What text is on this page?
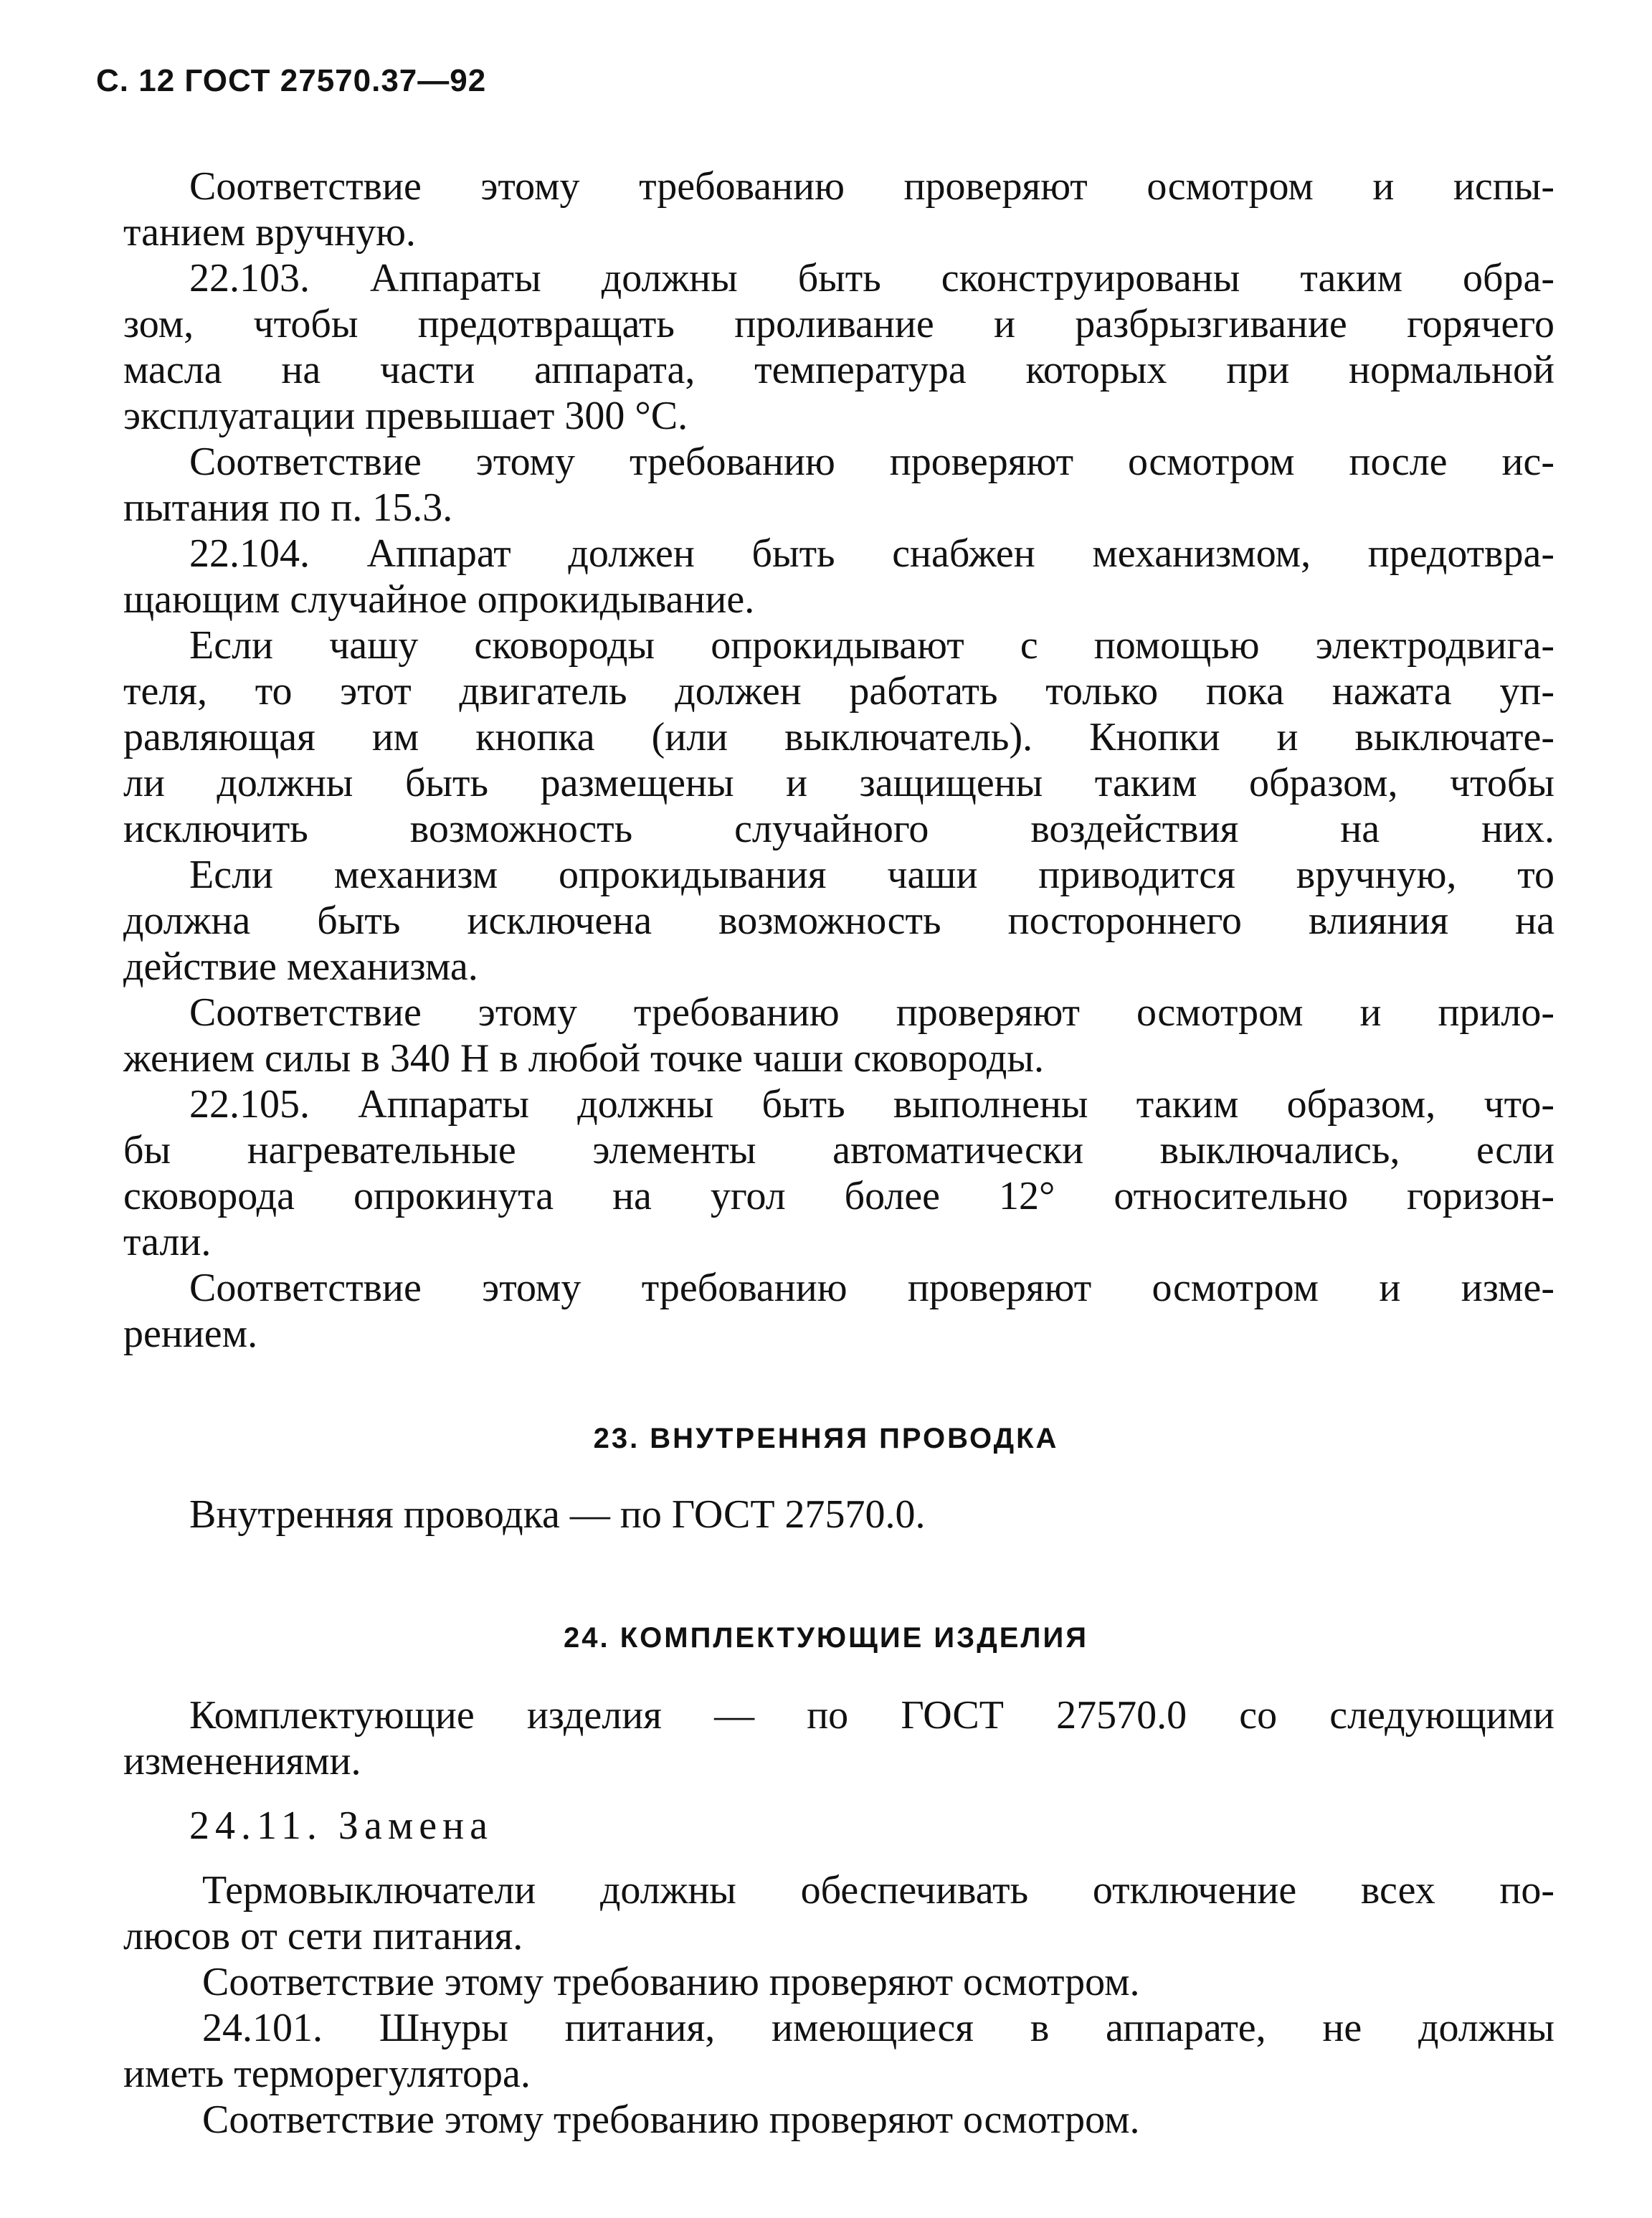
С. 12 ГОСТ 27570.37—92
Соответствие этому требованию проверяют осмотром и испы-
танием вручную.
22.103. Аппараты должны быть сконструированы таким обра-
зом, чтобы предотвращать проливание и разбрызгивание горячего
масла на части аппарата, температура которых при нормальной
эксплуатации превышает 300 °С.
Соответствие этому требованию проверяют осмотром после ис-
пытания по п. 15.3.
22.104. Аппарат должен быть снабжен механизмом, предотвра-
щающим случайное опрокидывание.
Если чашу сковороды опрокидывают с помощью электродвига-
теля, то этот двигатель должен работать только пока нажата уп-
равляющая им кнопка (или выключатель). Кнопки и выключате-
ли должны быть размещены и защищены таким образом, чтобы
исключить возможность случайного воздействия на них.
Если механизм опрокидывания чаши приводится вручную, то
должна быть исключена возможность постороннего влияния на
действие механизма.
Соответствие этому требованию проверяют осмотром и прило-
жением силы в 340 Н в любой точке чаши сковороды.
22.105. Аппараты должны быть выполнены таким образом, что-
бы нагревательные элементы автоматически выключались, если
сковорода опрокинута на угол более 12° относительно горизон-
тали.
Соответствие этому требованию проверяют осмотром и изме-
рением.
23. ВНУТРЕННЯЯ ПРОВОДКА
Внутренняя проводка — по ГОСТ 27570.0.
24. КОМПЛЕКТУЮЩИЕ ИЗДЕЛИЯ
Комплектующие изделия — по ГОСТ 27570.0 со следующими
изменениями.
24.11. Замена
Термовыключатели должны обеспечивать отключение всех по-
люсов от сети питания.
Соответствие этому требованию проверяют осмотром.
24.101. Шнуры питания, имеющиеся в аппарате, не должны
иметь терморегулятора.
Соответствие этому требованию проверяют осмотром.
